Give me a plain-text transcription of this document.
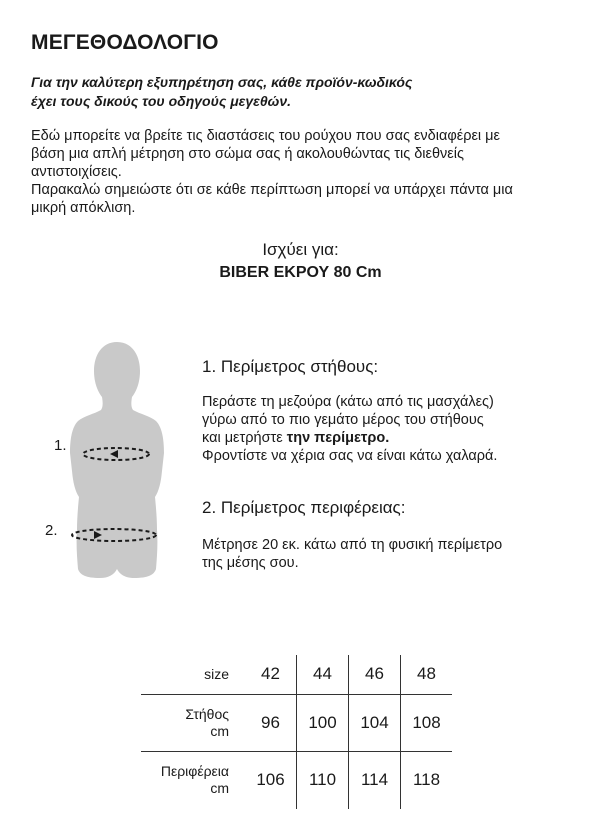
ΜΕΓΕΘΟΔΟΛΟΓΙΟ
Για την καλύτερη εξυπηρέτηση σας, κάθε προϊόν-κωδικός
έχει τους δικούς του οδηγούς μεγεθών.
Εδώ μπορείτε να βρείτε τις διαστάσεις του ρούχου που σας ενδιαφέρει με
βάση μια απλή μέτρηση στο σώμα σας ή ακολουθώντας τις διεθνείς
αντιστοιχίσεις.
Παρακαλώ σημειώστε ότι σε κάθε περίπτωση μπορεί να υπάρχει πάντα μια
μικρή απόκλιση.
Ισχύει για:
BIBER ΕΚΡΟΥ 80 Cm
1.
2.
1. Περίμετρος στήθους:
Περάστε τη μεζούρα (κάτω από τις μασχάλες)
γύρω από το πιο γεμάτο μέρος του στήθους
και μετρήστε την περίμετρο.
Φροντίστε να χέρια σας να είναι κάτω χαλαρά.
2. Περίμετρος περιφέρειας:
Μέτρησε 20 εκ. κάτω από τη φυσική περίμετρο
της μέσης σου.
size	42	44	46	48

Στήθος
cm	96	100	104	108

Περιφέρεια
cm	106	110	114	118
